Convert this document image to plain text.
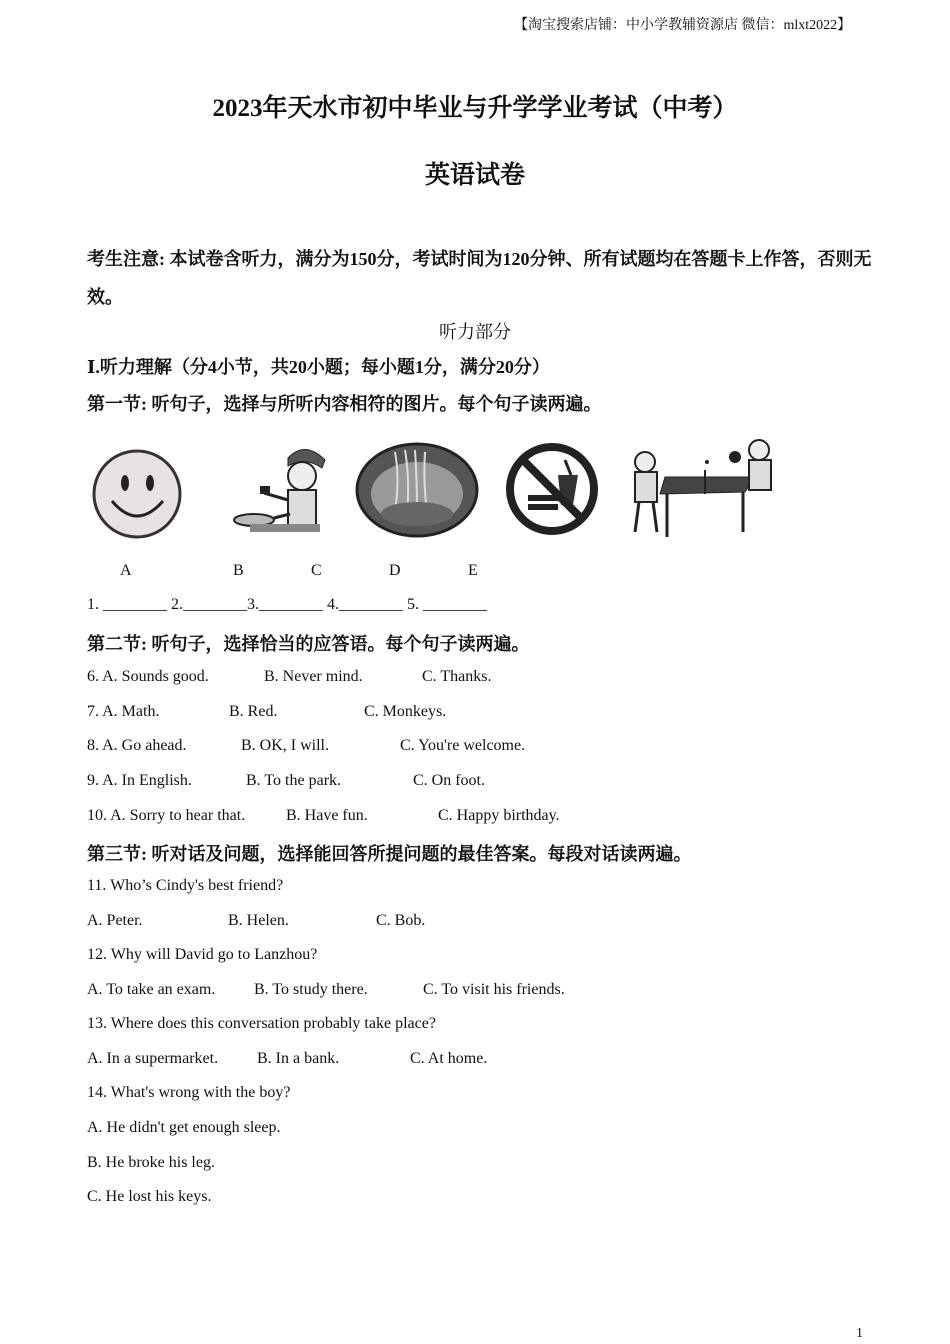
【淘宝搜索店铺：中小学教辅资源店 微信：mlxt2022】
2023年天水市初中毕业与升学学业考试（中考）
英语试卷
考生注意: 本试卷含听力，满分为150分，考试时间为120分钟、所有试题均在答题卡上作答，否则无效。
听力部分
Ⅰ.听力理解（分4小节，共20小题；每小题1分，满分20分）
第一节: 听句子，选择与所听内容相符的图片。每个句子读两遍。
A	B	C	D	E
1. ________ 2.________3.________ 4.________ 5. ________
第二节: 听句子，选择恰当的应答语。每个句子读两遍。
6. A. Sounds good.	B. Never mind.	C. Thanks.
7. A. Math.	B. Red.	C. Monkeys.
8. A. Go ahead.	B. OK, I will.	C. You're welcome.
9. A. In English.	B. To the park.	C. On foot.
10. A. Sorry to hear that.	B. Have fun.	C. Happy birthday.
第三节: 听对话及问题，选择能回答所提问题的最佳答案。每段对话读两遍。
11. Who’s Cindy's best friend?
A. Peter.	B. Helen.	C. Bob.
12. Why will David go to Lanzhou?
A. To take an exam. B. To study there.	C. To visit his friends.
13. Where does this conversation probably take place?
A. In a supermarket. B. In a bank.	C. At home.
14. What's wrong with the boy?
A. He didn't get enough sleep.
B. He broke his leg.
C. He lost his keys.
1
